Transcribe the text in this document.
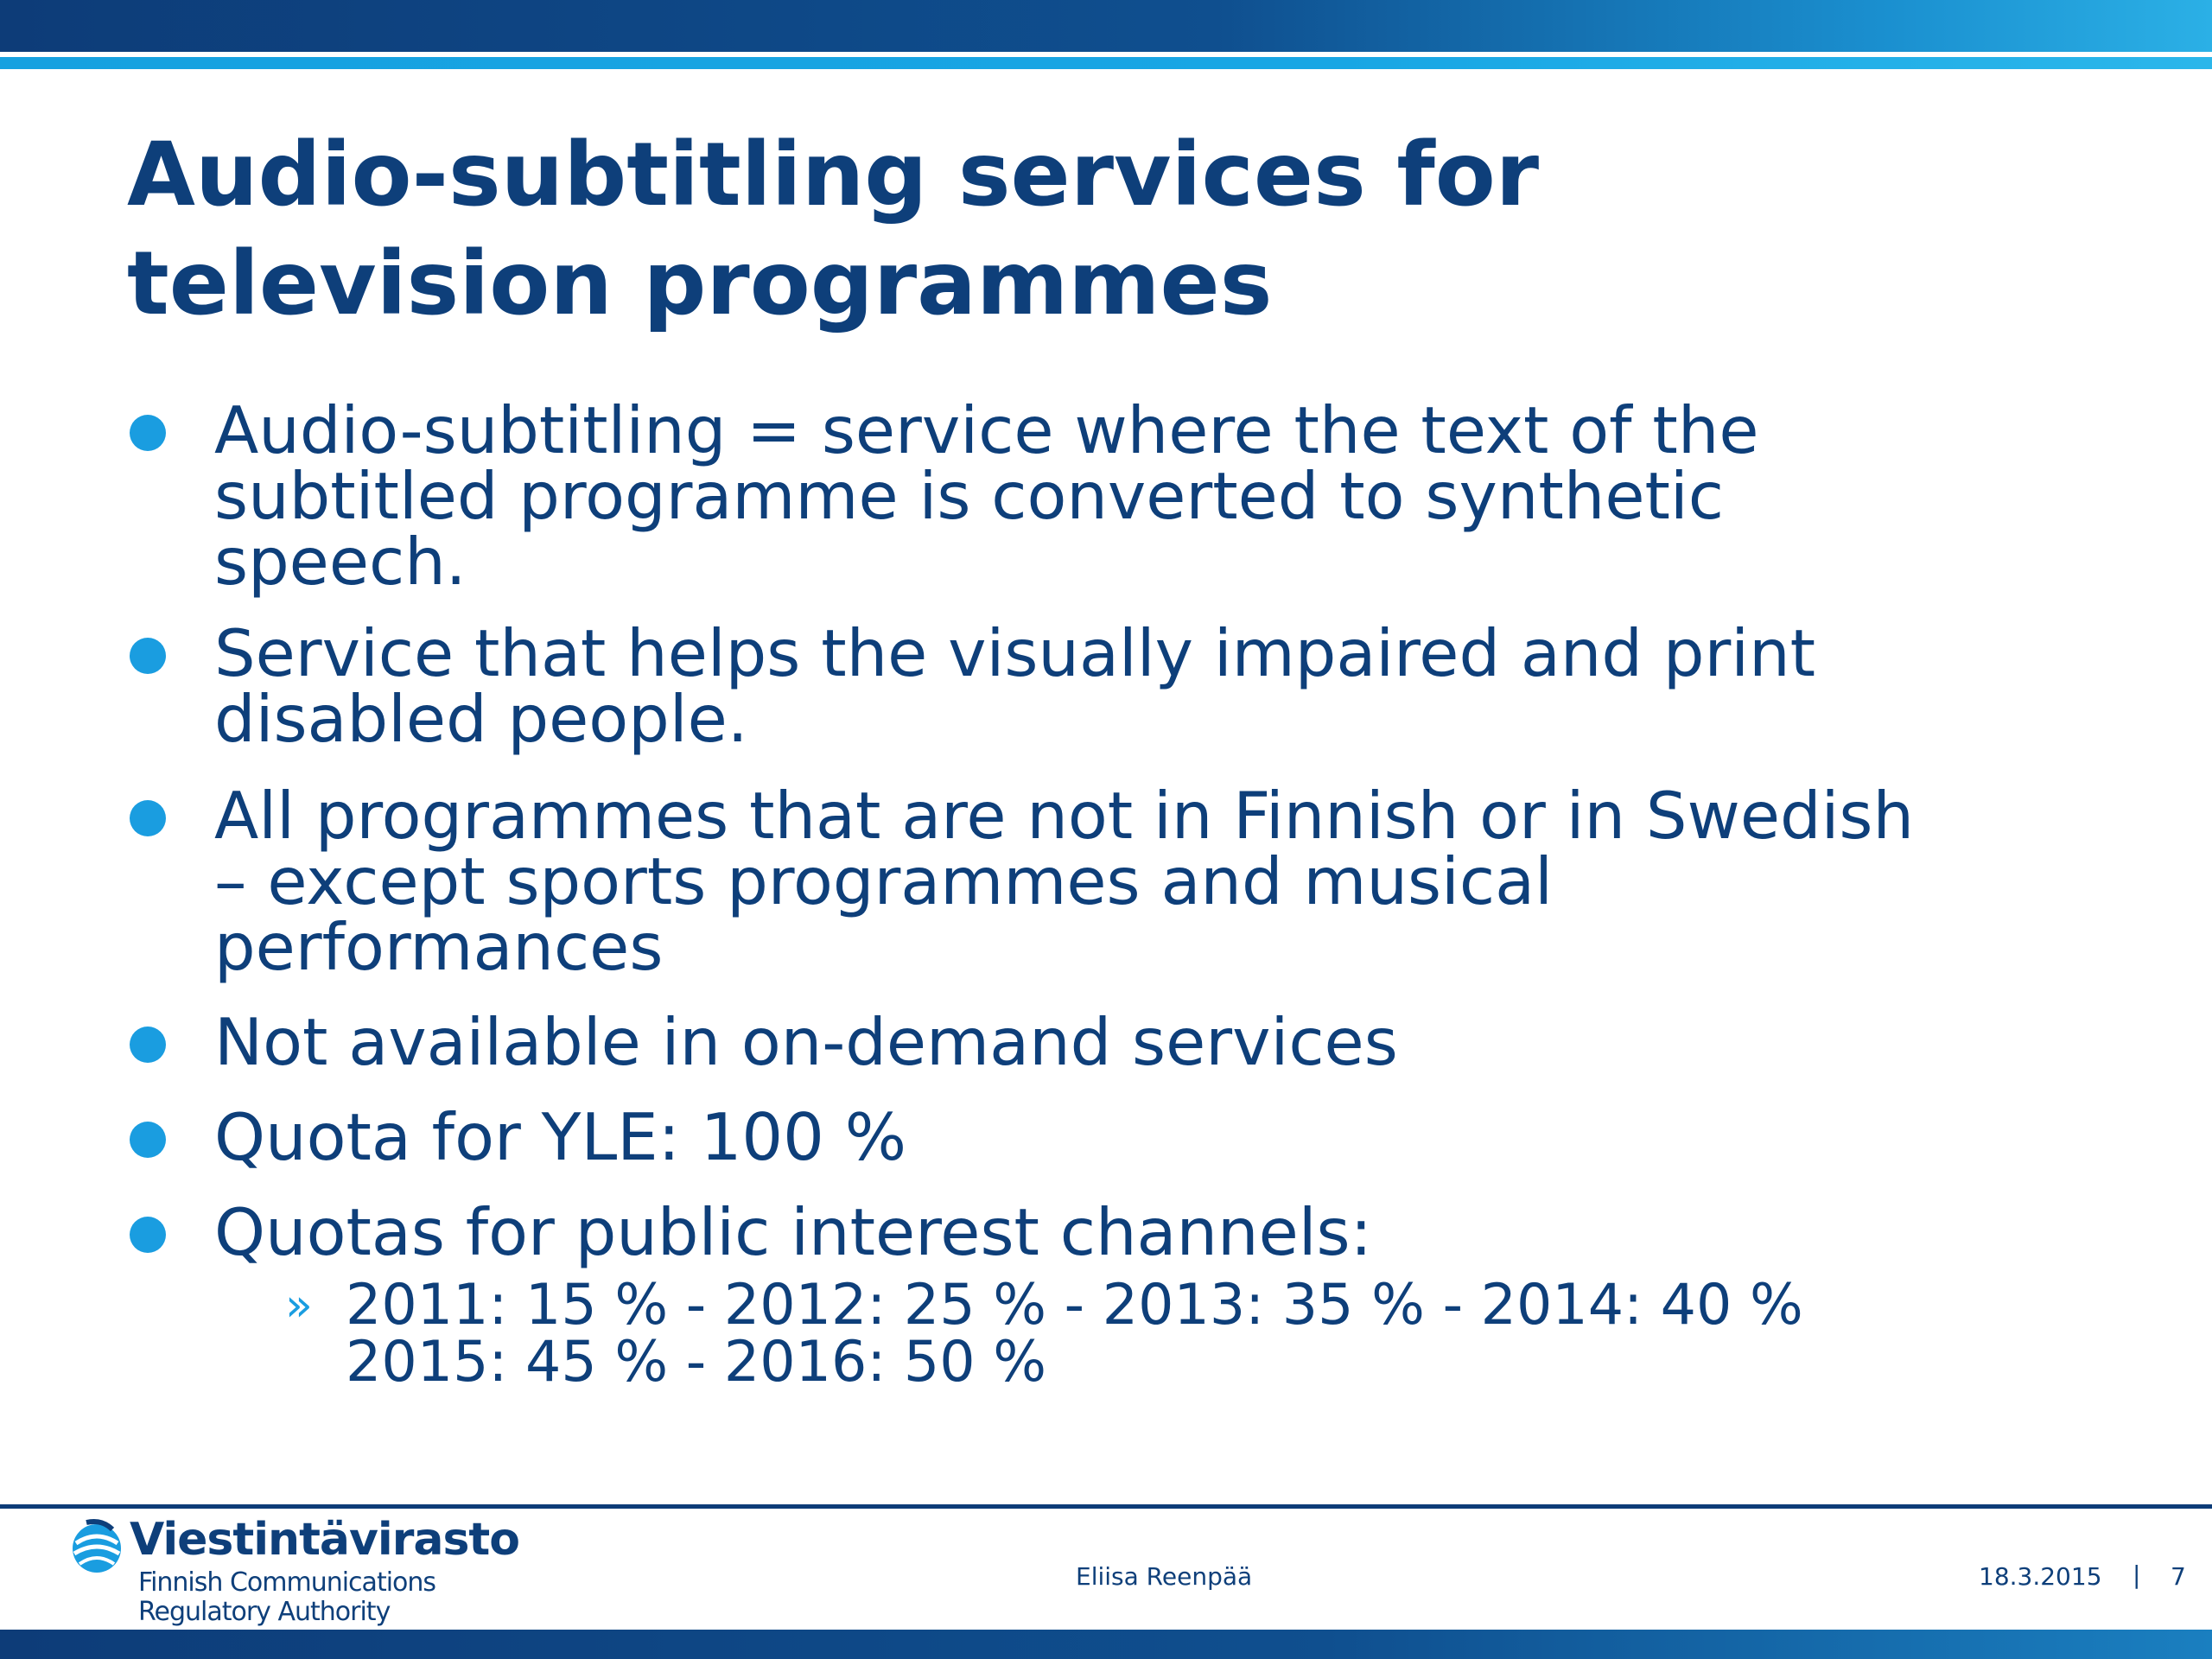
Audio-subtitling services for
television programmes
Audio-subtitling = service where the text of the
subtitled programme is converted to synthetic
speech.
Service that helps the visually impaired and print
disabled people.
All programmes that are not in Finnish or in Swedish
– except sports programmes and musical
performances
Not available in on-demand services
Quota for YLE: 100 %
Quotas for public interest channels:
» 2011: 15 % - 2012: 25 % - 2013: 35 % - 2014: 40 %
2015: 45 % - 2016: 50 %
Viestintävirasto
Finnish Communications
Regulatory Authority
Eliisa Reenpää	18.3.2015 | 7
